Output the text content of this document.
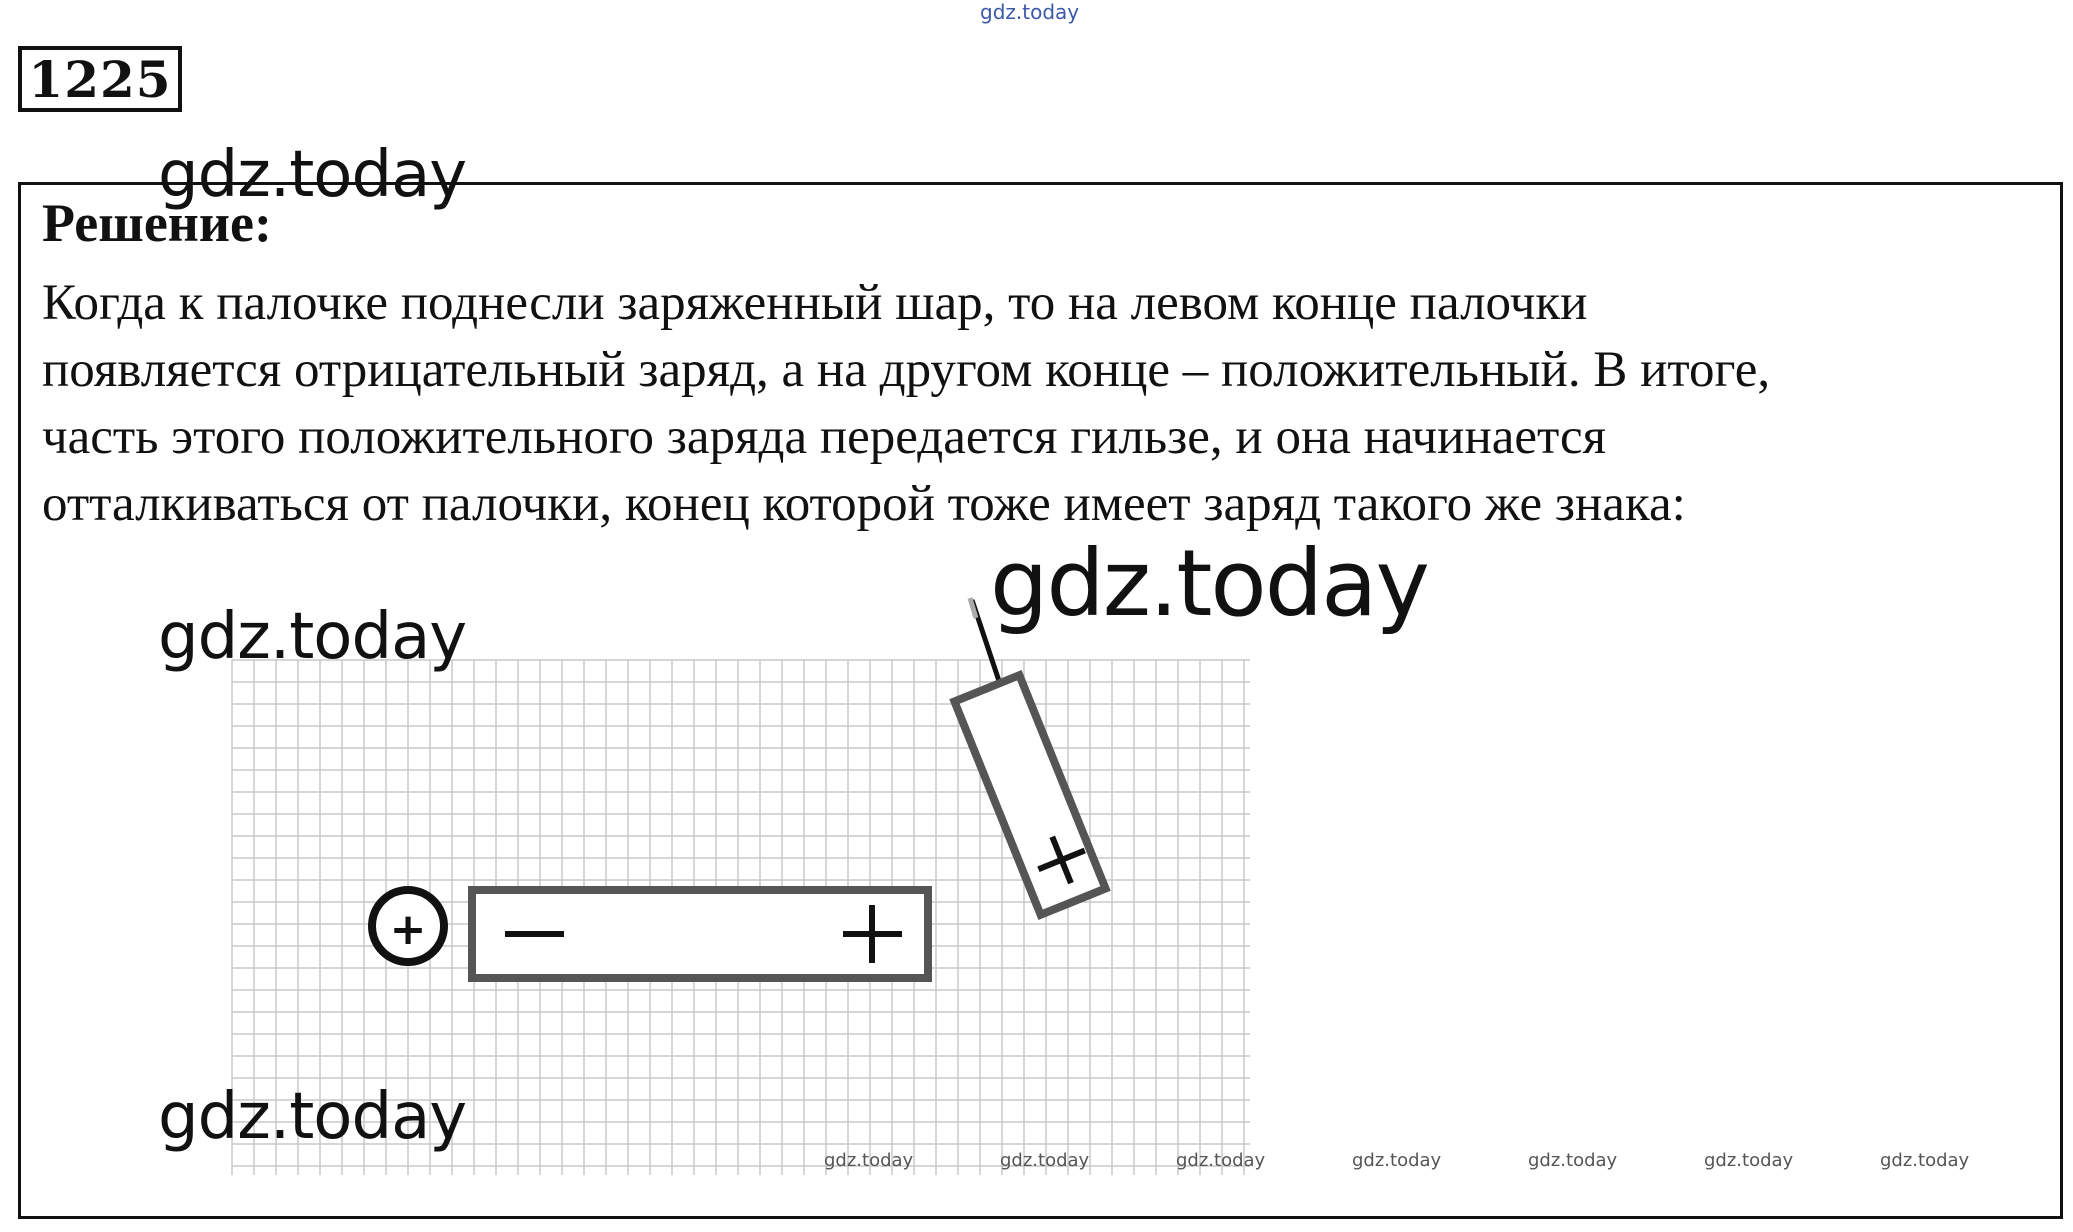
gdz.today
1225
Решение:
Когда к палочке поднесли заряженный шар, то на левом конце палочки
появляется отрицательный заряд, а на другом конце – положительный. В итоге,
часть этого положительного заряда передается гильзе, и она начинается
отталкиваться от палочки, конец которой тоже имеет заряд такого же знака:
+
gdz.today
gdz.today
gdz.today
gdz.today
gdz.today	gdz.today	gdz.today	gdz.today	gdz.today	gdz.today	gdz.today
